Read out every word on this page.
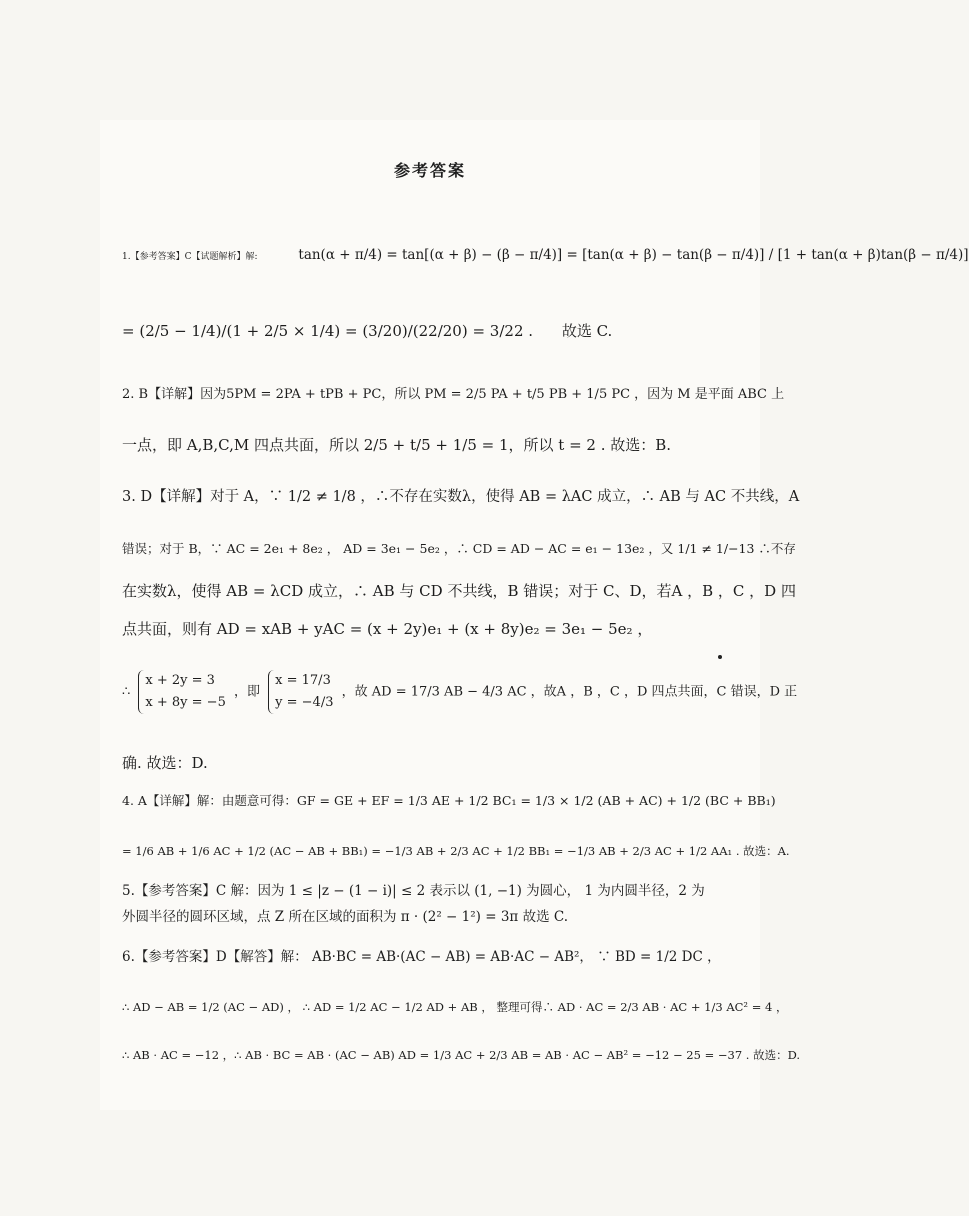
参考答案
1.【参考答案】C【试题解析】解:	tan(α + π/4) = tan[(α + β) − (β − π/4)] = [tan(α + β) − tan(β − π/4)] / [1 + tan(α + β)tan(β − π/4)]
= (2/5 − 1/4)/(1 + 2/5 × 1/4) = (3/20)/(22/20) = 3/22 . 故选 C.
2. B【详解】因为5PM = 2PA + tPB + PC，所以 PM = 2/5 PA + t/5 PB + 1/5 PC ，因为 M 是平面 ABC 上
一点，即 A,B,C,M 四点共面，所以 2/5 + t/5 + 1/5 = 1，所以 t = 2 . 故选：B.
3. D【详解】对于 A，∵ 1/2 ≠ 1/8 ，∴不存在实数λ，使得 AB = λAC 成立，∴ AB 与 AC 不共线，A
错误；对于 B，∵ AC = 2e₁ + 8e₂ ， AD = 3e₁ − 5e₂ ，∴ CD = AD − AC = e₁ − 13e₂ ，又 1/1 ≠ 1/−13 ∴不存
在实数λ，使得 AB = λCD 成立，∴ AB 与 CD 不共线，B 错误；对于 C、D，若A ，B ，C ，D 四
点共面，则有 AD = xAB + yAC = (x + 2y)e₁ + (x + 8y)e₂ = 3e₁ − 5e₂ ，
∴
x + 2y = 3
x + 8y = −5
，即
x = 17/3
y = −4/3
，故 AD = 17/3 AB − 4/3 AC ，故A ，B ，C ，D 四点共面，C 错误，D 正
确. 故选：D.
4. A【详解】解：由题意可得：GF = GE + EF = 1/3 AE + 1/2 BC₁ = 1/3 × 1/2 (AB + AC) + 1/2 (BC + BB₁)
= 1/6 AB + 1/6 AC + 1/2 (AC − AB + BB₁) = −1/3 AB + 2/3 AC + 1/2 BB₁ = −1/3 AB + 2/3 AC + 1/2 AA₁ . 故选：A.
5.【参考答案】C 解：因为 1 ≤ |z − (1 − i)| ≤ 2 表示以 (1, −1) 为圆心， 1 为内圆半径，2 为
外圆半径的圆环区域，点 Z 所在区域的面积为 π · (2² − 1²) = 3π 故选 C.
6.【参考答案】D【解答】解： AB·BC = AB·(AC − AB) = AB·AC − AB²， ∵ BD = 1/2 DC ，
∴ AD − AB = 1/2 (AC − AD) ， ∴ AD = 1/2 AC − 1/2 AD + AB ， 整理可得∴ AD · AC = 2/3 AB · AC + 1/3 AC² = 4 ，
∴ AB · AC = −12 ，∴ AB · BC = AB · (AC − AB) AD = 1/3 AC + 2/3 AB = AB · AC − AB² = −12 − 25 = −37 . 故选：D.
